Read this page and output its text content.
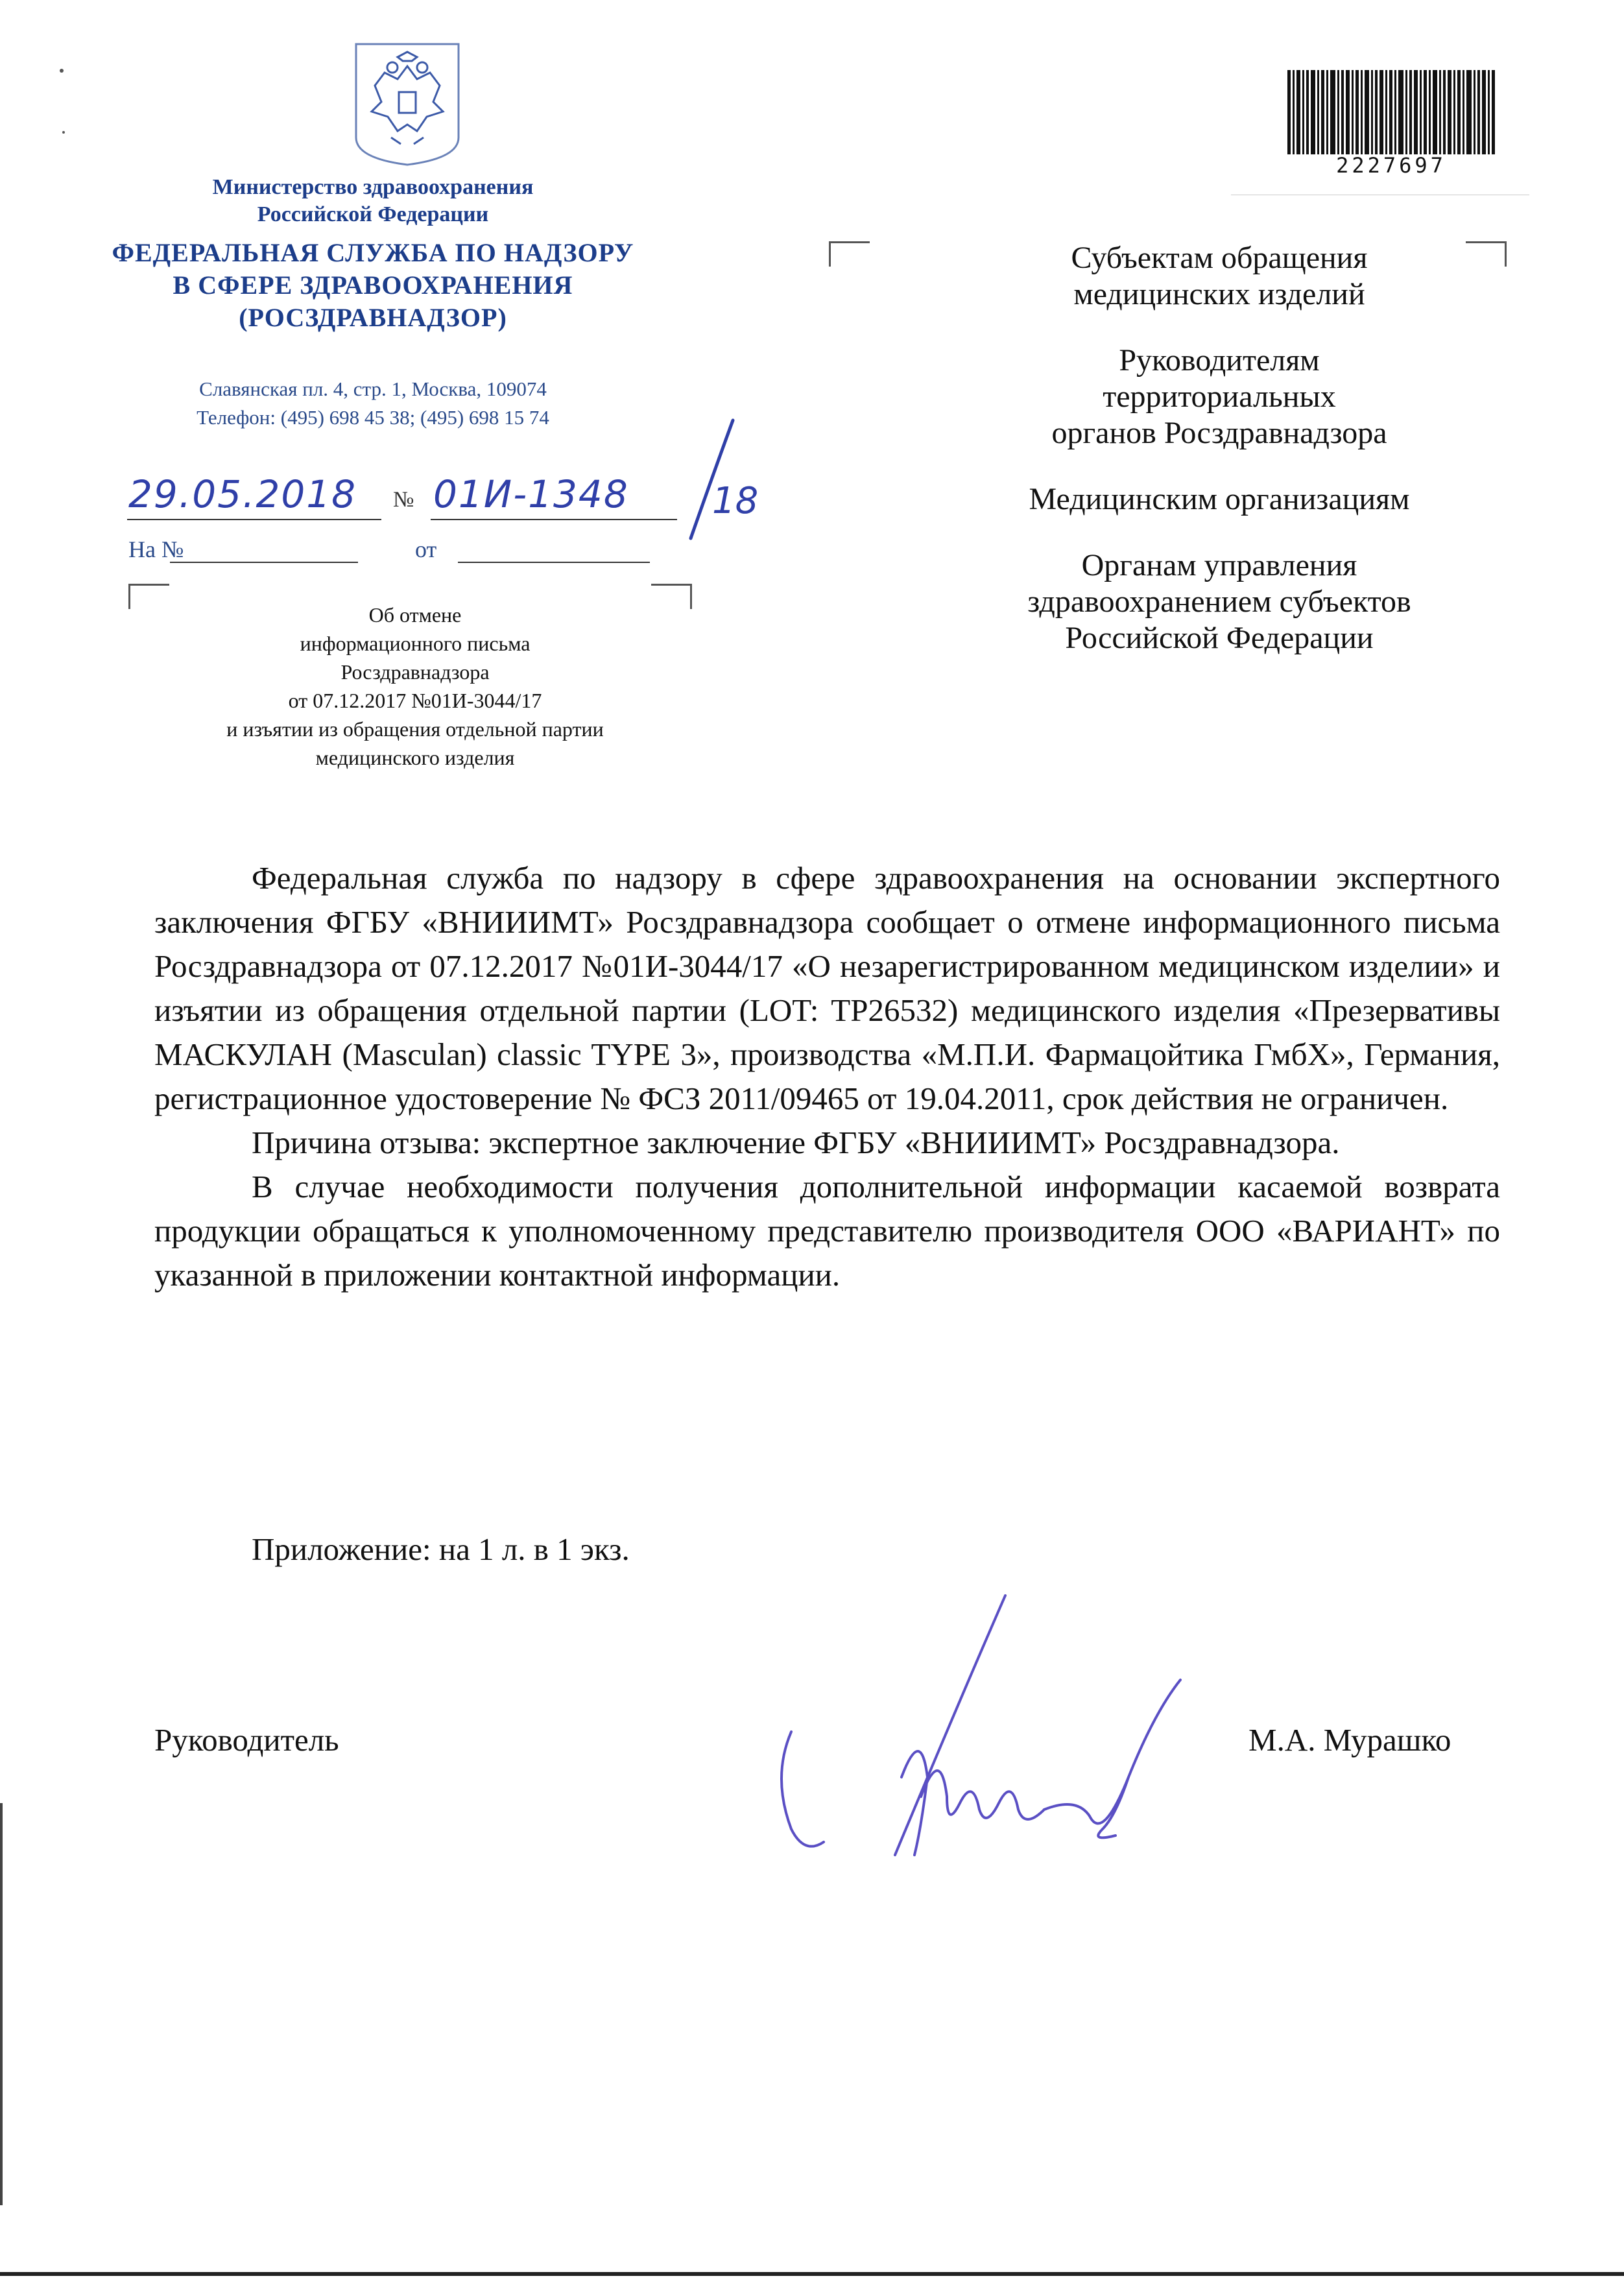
Министерство здравоохранения
Российской Федерации
ФЕДЕРАЛЬНАЯ СЛУЖБА ПО НАДЗОРУ
В СФЕРЕ ЗДРАВООХРАНЕНИЯ
(РОСЗДРАВНАДЗОР)
Славянская пл. 4, стр. 1, Москва, 109074
Телефон: (495) 698 45 38; (495) 698 15 74
29.05.2018 № 01И-1348 18
На №	от
Об отмене
информационного письма
Росздравнадзора
от 07.12.2017 №01И-3044/17
и изъятии из обращения отдельной партии
медицинского изделия
2227697
Субъектам обращения
медицинских изделий
Руководителям
территориальных
органов Росздравнадзора
Медицинским организациям
Органам управления
здравоохранением субъектов
Российской Федерации

Федеральная служба по надзору в сфере здравоохранения на основании экспертного заключения ФГБУ «ВНИИИМТ» Росздравнадзора сообщает о отмене информационного письма Росздравнадзора от 07.12.2017 №01И-3044/17 «О незарегистрированном медицинском изделии» и изъятии из обращения отдельной партии (LOT: TP26532) медицинского изделия «Презервативы МАСКУЛАН (Masculan) classic TYPE 3», производства «М.П.И. Фармацойтика ГмбХ», Германия, регистрационное удостоверение № ФСЗ 2011/09465 от 19.04.2011, срок действия не ограничен.

Причина отзыва: экспертное заключение ФГБУ «ВНИИИМТ» Росздравнадзора.

В случае необходимости получения дополнительной информации касаемой возврата продукции обращаться к уполномоченному представителю производителя ООО «ВАРИАНТ» по указанной в приложении контактной информации.

Приложение: на 1 л. в 1 экз.
Руководитель	М.А. Мурашко
